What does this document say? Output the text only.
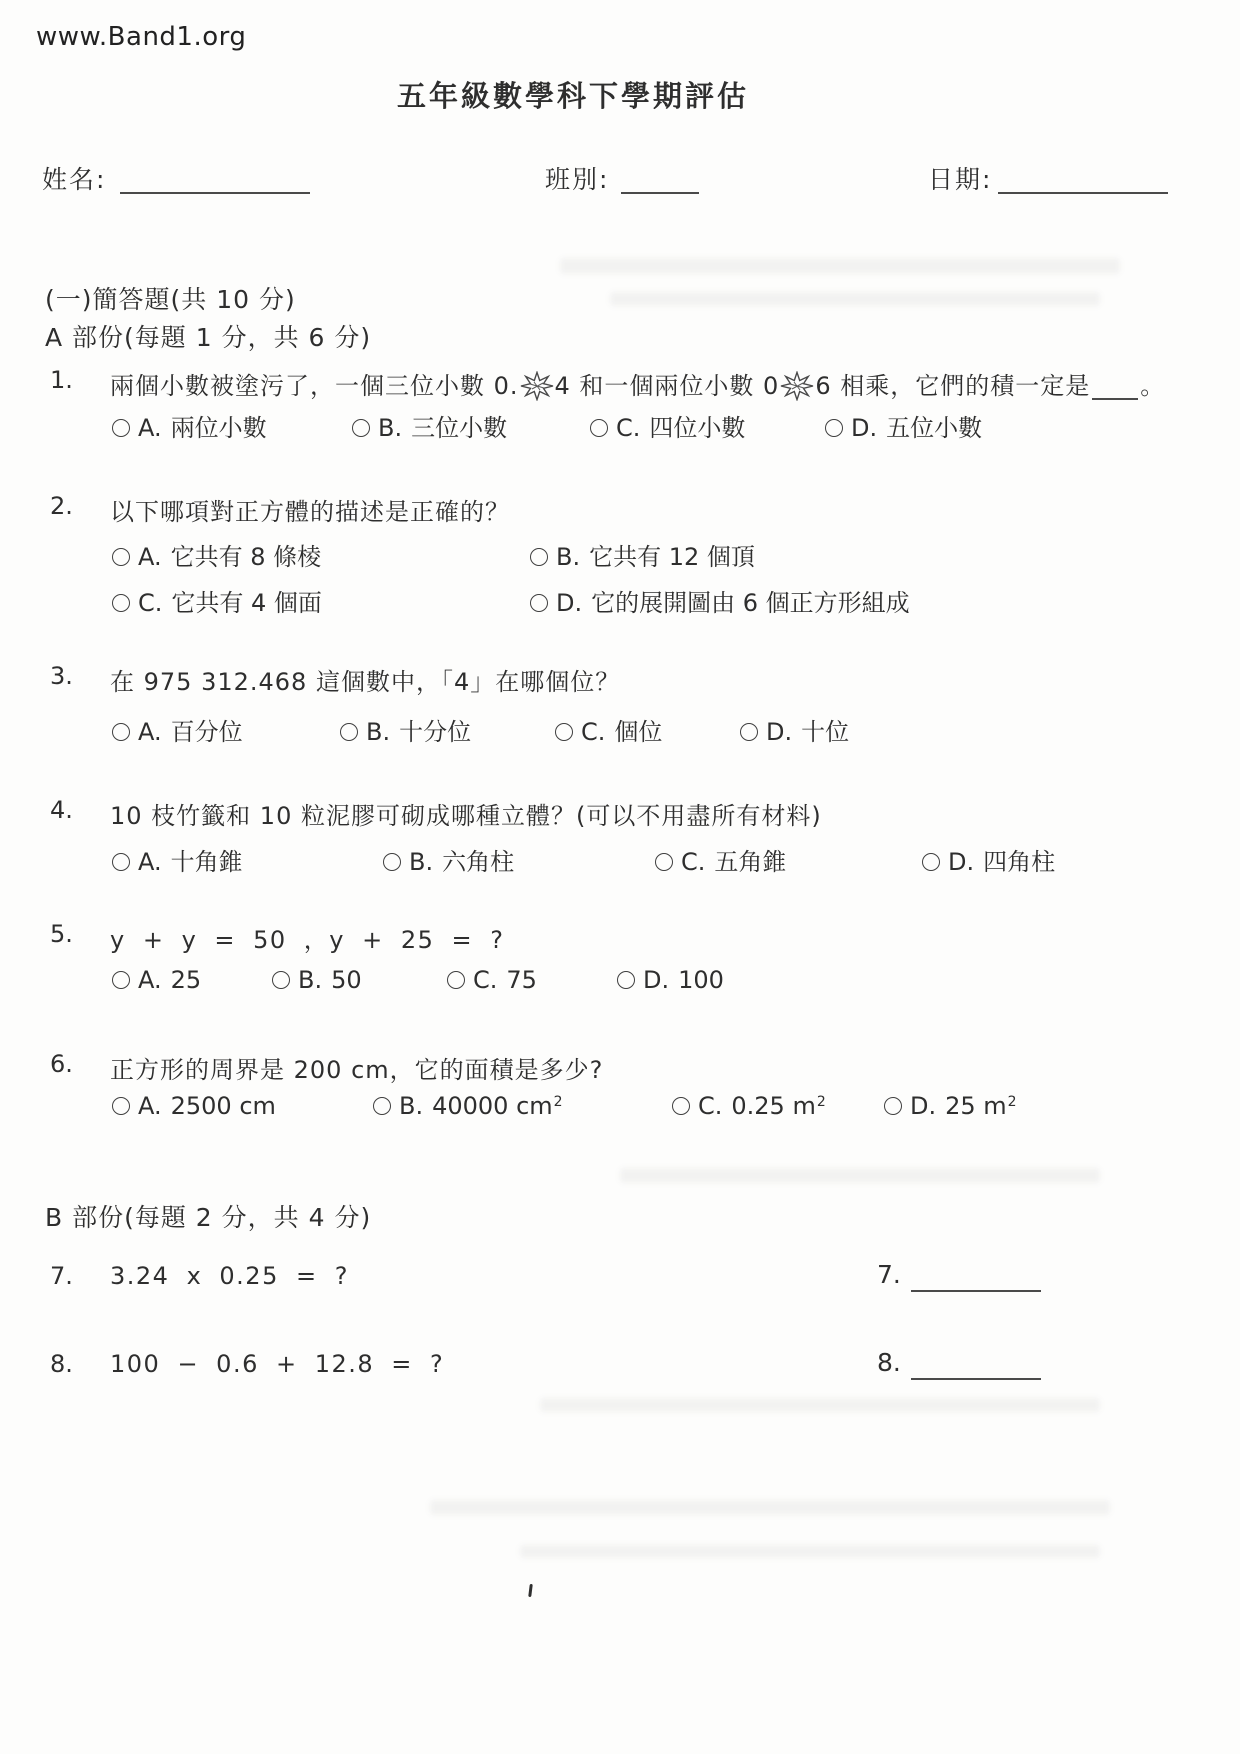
www.Band1.org
五年級數學科下學期評估
姓名:	班別:	日期:
(一)簡答題(共 10 分)
A 部份(每題 1 分，共 6 分)
1.	兩個小數被塗污了，一個三位小數 0. 4 和一個兩位小數 0 6 相乘，它們的積一定是 。
A. 兩位小數	B. 三位小數	C. 四位小數	D. 五位小數
2.	以下哪項對正方體的描述是正確的？
A. 它共有 8 條棱	B. 它共有 12 個頂
C. 它共有 4 個面	D. 它的展開圖由 6 個正方形組成
3.	在 975 312.468 這個數中，「4」在哪個位？
A. 百分位	B. 十分位	C. 個位	D. 十位
4.	10 枝竹籤和 10 粒泥膠可砌成哪種立體？(可以不用盡所有材料)
A. 十角錐	B. 六角柱	C. 五角錐	D. 四角柱
5.	y + y = 50 ，y + 25 = ?
A. 25	B. 50	C. 75	D. 100
6.	正方形的周界是 200 cm，它的面積是多少?
A. 2500 cm	B. 40000 $cm^2$	C. 0.25 $m^2$	D. 25 $m^2$
B 部份(每題 2 分，共 4 分)
7.	3.24 x 0.25 = ?	7.
8.	100 − 0.6 + 12.8 = ?	8.
